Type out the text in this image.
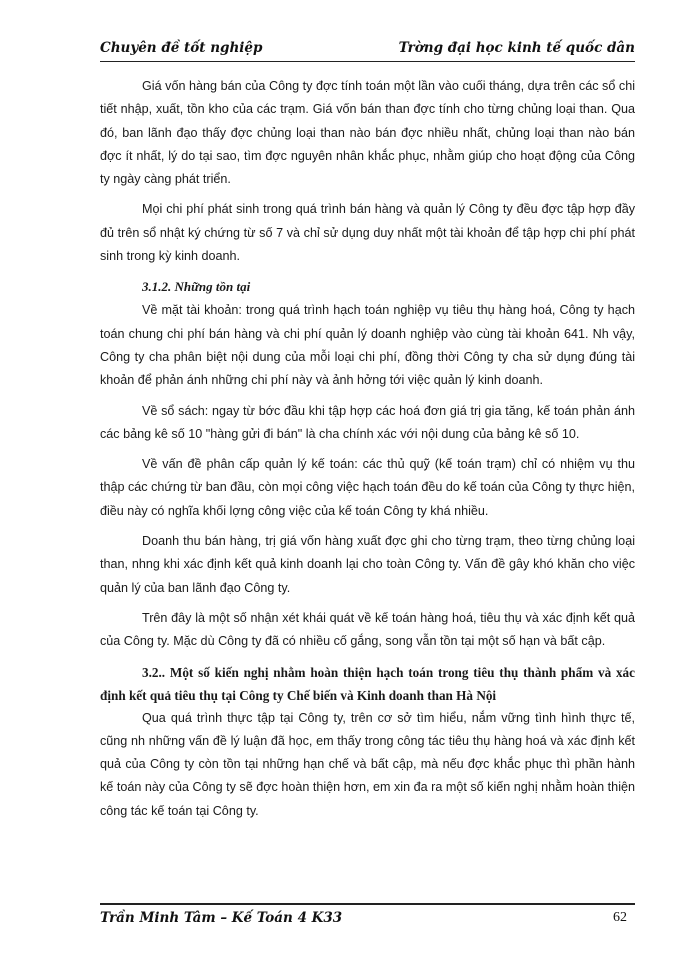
Chuyên đề tốt nghiệp	Trờng đại học kinh tế quốc dân

Giá vốn hàng bán của Công ty đợc tính toán một lần vào cuối tháng, dựa trên các sổ chi tiết nhập, xuất, tồn kho của các trạm. Giá vốn bán than đợc tính cho từng chủng loại than. Qua đó, ban lãnh đạo thấy đợc chủng loại than nào bán đợc nhiều nhất, chủng loại than nào bán đợc ít nhất, lý do tại sao, tìm đợc nguyên nhân khắc phục, nhằm giúp cho hoạt động của Công ty ngày càng phát triển.

Mọi chi phí phát sinh trong quá trình bán hàng và quản lý Công ty đều đợc tập hợp đầy đủ trên sổ nhật ký chứng từ số 7 và chỉ sử dụng duy nhất một tài khoản để tập hợp chi phí phát sinh trong kỳ kinh doanh.

3.1.2. Những tồn tại

Về mặt tài khoản: trong quá trình hạch toán nghiệp vụ tiêu thụ hàng hoá, Công ty hạch toán chung chi phí bán hàng và chi phí quản lý doanh nghiệp vào cùng tài khoản 641. Nh vậy, Công ty cha phân biệt nội dung của mỗi loại chi phí, đồng thời Công ty cha sử dụng đúng tài khoản để phản ánh những chi phí này và ảnh hởng tới việc quản lý kinh doanh.

Về sổ sách: ngay từ bớc đầu khi tập hợp các hoá đơn giá trị gia tăng, kế toán phản ánh các bảng kê số 10 "hàng gửi đi bán" là cha chính xác với nội dung của bảng kê số 10.

Về vấn đề phân cấp quản lý kế toán: các thủ quỹ (kế toán trạm) chỉ có nhiệm vụ thu thập các chứng từ ban đầu, còn mọi công việc hạch toán đều do kế toán của Công ty thực hiện, điều này có nghĩa khối lợng công việc của kế toán Công ty khá nhiều.

Doanh thu bán hàng, trị giá vốn hàng xuất đợc ghi cho từng trạm, theo từng chủng loại than, nhng khi xác định kết quả kinh doanh lại cho toàn Công ty. Vấn đề gây khó khăn cho việc quản lý của ban lãnh đạo Công ty.

Trên đây là một số nhận xét khái quát về kế toán hàng hoá, tiêu thụ và xác định kết quả của Công ty. Mặc dù Công ty đã có nhiều cố gắng, song vẫn tồn tại một số hạn và bất cập.

3.2.. Một số kiến nghị nhằm hoàn thiện hạch toán trong tiêu thụ thành phẩm và xác định kết quả tiêu thụ tại Công ty Chế biến và Kinh doanh than Hà Nội

Qua quá trình thực tập tại Công ty, trên cơ sở tìm hiểu, nắm vững tình hình thực tế, cũng nh những vấn đề lý luận đã học, em thấy trong công tác tiêu thụ hàng hoá và xác định kết quả của Công ty còn tồn tại những hạn chế và bất cập, mà nếu đợc khắc phục thì phần hành kế toán này của Công ty sẽ đợc hoàn thiện hơn, em xin đa ra một số kiến nghị nhằm hoàn thiện công tác kế toán tại Công ty.

Trần Minh Tâm – Kế Toán 4 K33	62
